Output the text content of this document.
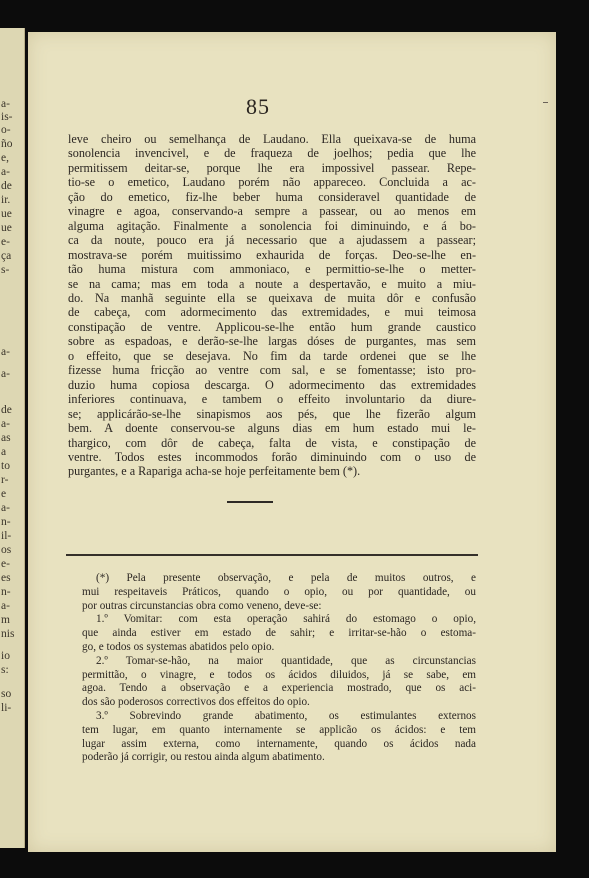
a-
is-
o-
ño
e,
a-
de
ir.
ue
ue
e-
ça
s-
a-
a-
de
a-
as
a
to
r-
e
a-
n-
il-
os
e-
es
n-
a-
m
nis
io
s:
so
li-
85
leve cheiro ou semelhança de Laudano. Ella queixava-se de huma
sonolencia invencivel, e de fraqueza de joelhos; pedia que lhe
permitissem deitar-se, porque lhe era impossivel passear. Repe-
tio-se o emetico, Laudano porém não appareceo. Concluida a ac-
ção do emetico, fiz-lhe beber huma consideravel quantidade de
vinagre e agoa, conservando-a sempre a passear, ou ao menos em
alguma agitação. Finalmente a sonolencia foi diminuindo, e á bo-
ca da noute, pouco era já necessario que a ajudassem a passear;
mostrava-se porém muitissimo exhaurida de forças. Deo-se-lhe en-
tão huma mistura com ammoniaco, e permittio-se-lhe o metter-
se na cama; mas em toda a noute a despertavão, e muito a miu-
do. Na manhã seguinte ella se queixava de muita dôr e confusão
de cabeça, com adormecimento das extremidades, e mui teimosa
constipação de ventre. Applicou-se-lhe então hum grande caustico
sobre as espadoas, e derão-se-lhe largas dóses de purgantes, mas sem
o effeito, que se desejava. No fim da tarde ordenei que se lhe
fizesse huma fricção ao ventre com sal, e se fomentasse; isto pro-
duzio huma copiosa descarga. O adormecimento das extremidades
inferiores continuava, e tambem o effeito involuntario da diure-
se; applicárão-se-lhe sinapismos aos pés, que lhe fizerão algum
bem. A doente conservou-se alguns dias em hum estado mui le-
thargico, com dôr de cabeça, falta de vista, e constipação de
ventre. Todos estes incommodos forão diminuindo com o uso de
purgantes, e a Rapariga acha-se hoje perfeitamente bem (*).
(*) Pela presente observação, e pela de muitos outros, e
mui respeitaveis Práticos, quando o opio, ou por quantidade, ou
por outras circunstancias obra como veneno, deve-se:
1.º Vomitar: com esta operação sahirá do estomago o opio,
que ainda estiver em estado de sahir; e irritar-se-hão o estoma-
go, e todos os systemas abatidos pelo opio.
2.º Tomar-se-hão, na maior quantidade, que as circunstancias
permittão, o vinagre, e todos os ácidos diluidos, já se sabe, em
agoa. Tendo a observação e a experiencia mostrado, que os aci-
dos são poderosos correctivos dos effeitos do opio.
3.º Sobrevindo grande abatimento, os estimulantes externos
tem lugar, em quanto internamente se applicão os ácidos: e tem
lugar assim externa, como internamente, quando os ácidos nada
poderão já corrigir, ou restou ainda algum abatimento.
